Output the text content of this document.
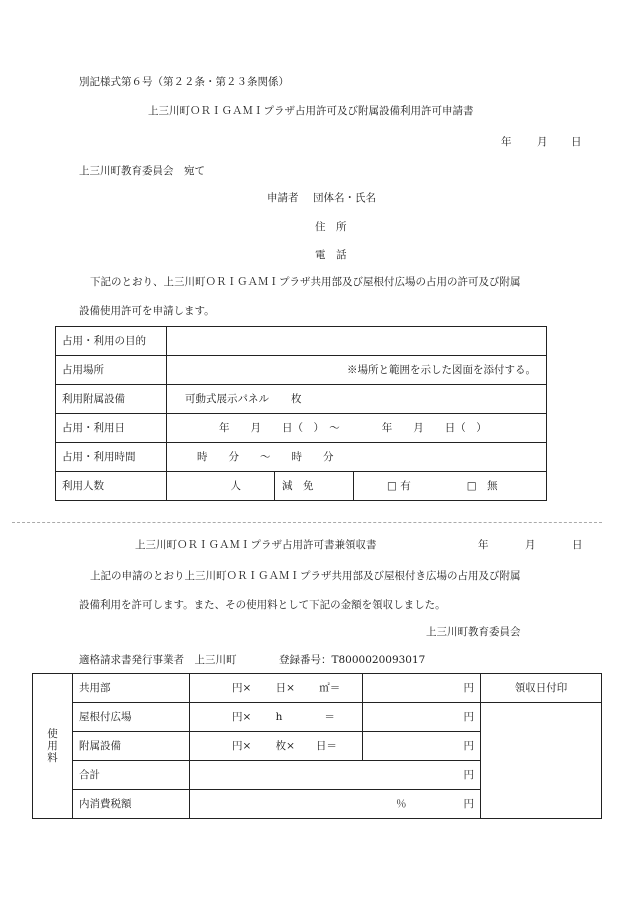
別記様式第６号（第２２条・第２３条関係）
上三川町ＯＲＩＧＡＭＩプラザ占用許可及び附属設備利用許可申請書
年 月 日
上三川町教育委員会　宛て
申請者 団体名・氏名
住　所
電　話
下記のとおり、上三川町ＯＲＩＧＡＭＩプラザ共用部及び屋根付広場の占用の許可及び附属
設備使用許可を申請します。
占用・利用の目的			
占用場所	※場所と範囲を示した図面を添付する。		
利用附属設備	可動式展示パネル 枚		
占用・利用日	年　　月　　日（　）　～　　　　年　　月　　日（　）		
占用・利用時間	時　　分　　～　　時　　分		
利用人数	人	減　免	□ 有 □　無
上三川町ＯＲＩＧＡＭＩプラザ占用許可書兼領収書	年	月	日
上記の申請のとおり上三川町ＯＲＩＧＡＭＩプラザ共用部及び屋根付き広場の占用及び附属
設備利用を許可します。また、その使用料として下記の金額を領収しました。
上三川町教育委員会
適格請求書発行事業者　上三川町	登録番号：T8000020093017
使用料	共用部	円×　　 日×　　 ㎡＝	円	領収日付印
	屋根付広場	円×　　 h　　　　＝	円	
	附属設備	円×　　 枚×　　日＝	円	
	合計	円		
	内消費税額	％ 円		
